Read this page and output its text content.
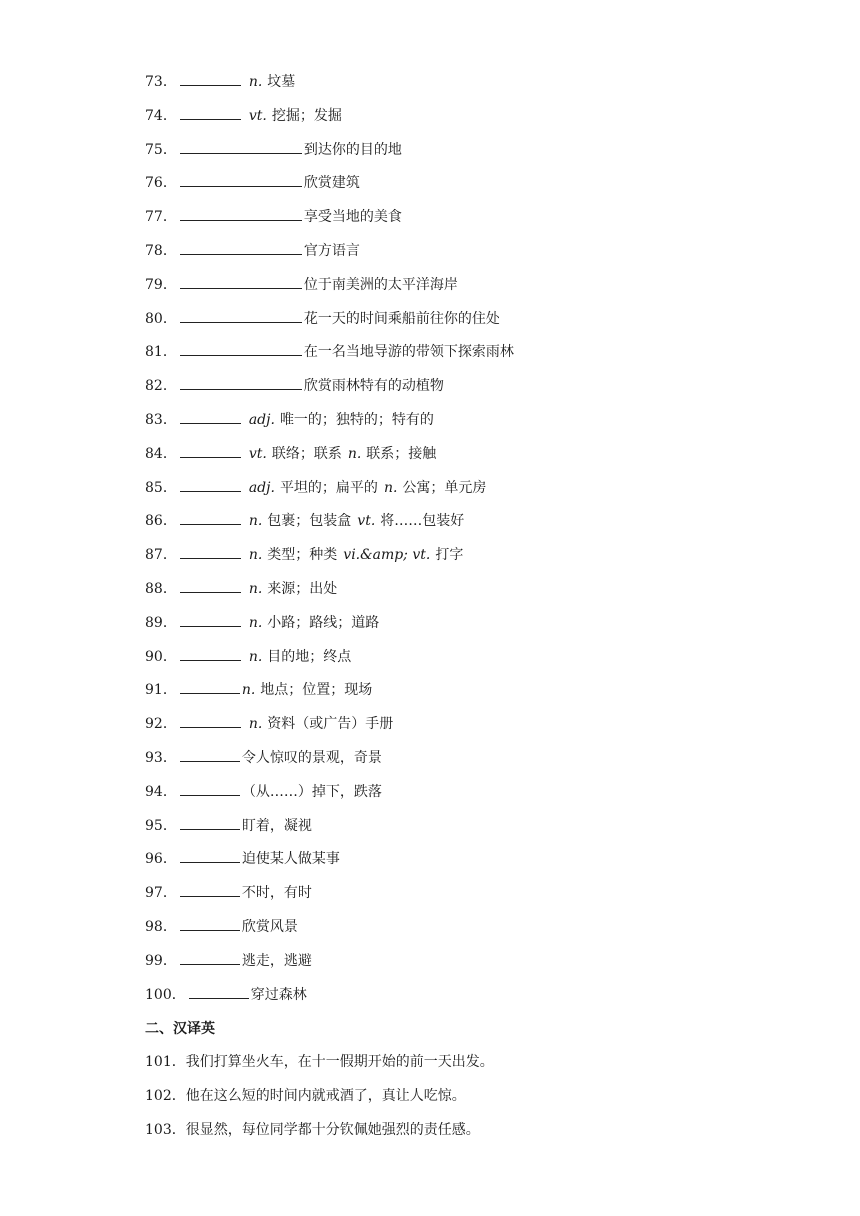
73．	n. 坟墓
74．	vt. 挖掘；发掘
75．	到达你的目的地
76．	欣赏建筑
77．	享受当地的美食
78．	官方语言
79．	位于南美洲的太平洋海岸
80．	花一天的时间乘船前往你的住处
81．	在一名当地导游的带领下探索雨林
82．	欣赏雨林特有的动植物
83．	adj. 唯一的；独特的；特有的
84．	vt. 联络；联系 n. 联系；接触
85．	adj. 平坦的；扁平的 n. 公寓；单元房
86．	n. 包裹；包装盒 vt. 将……包装好
87．	n. 类型；种类 vi.&amp; vt. 打字
88．	n. 来源；出处
89．	n. 小路；路线；道路
90．	n. 目的地；终点
91．	n. 地点；位置；现场
92．	n. 资料（或广告）手册
93．	令人惊叹的景观，奇景
94．	（从……）掉下，跌落
95．	盯着，凝视
96．	迫使某人做某事
97．	不时，有时
98．	欣赏风景
99．	逃走，逃避
100．	穿过森林
二、汉译英
101． 我们打算坐火车，在十一假期开始的前一天出发。
102． 他在这么短的时间内就戒酒了，真让人吃惊。
103． 很显然，每位同学都十分钦佩她强烈的责任感。
